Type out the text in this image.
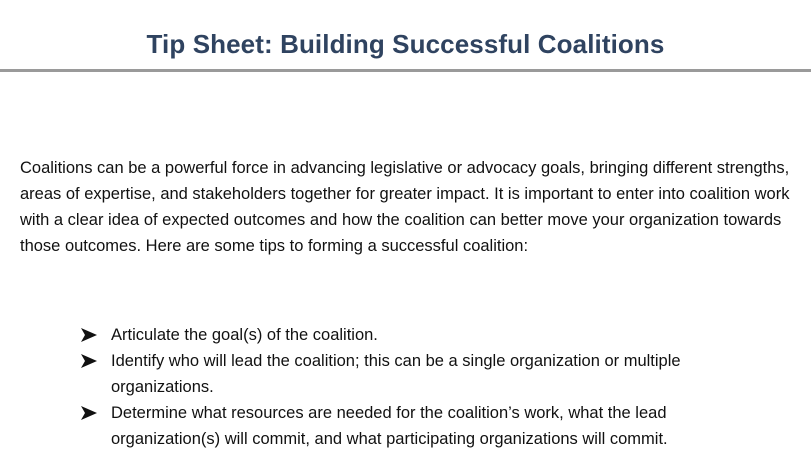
Tip Sheet: Building Successful Coalitions

Coalitions can be a powerful force in advancing legislative or advocacy goals, bringing different strengths, areas of expertise, and stakeholders together for greater impact. It is important to enter into coalition work with a clear idea of expected outcomes and how the coalition can better move your organization towards those outcomes. Here are some tips to forming a successful coalition:

Articulate the goal(s) of the coalition.
Identify who will lead the coalition; this can be a single organization or multiple organizations.
Determine what resources are needed for the coalition’s work, what the lead organization(s) will commit, and what participating organizations will commit.
